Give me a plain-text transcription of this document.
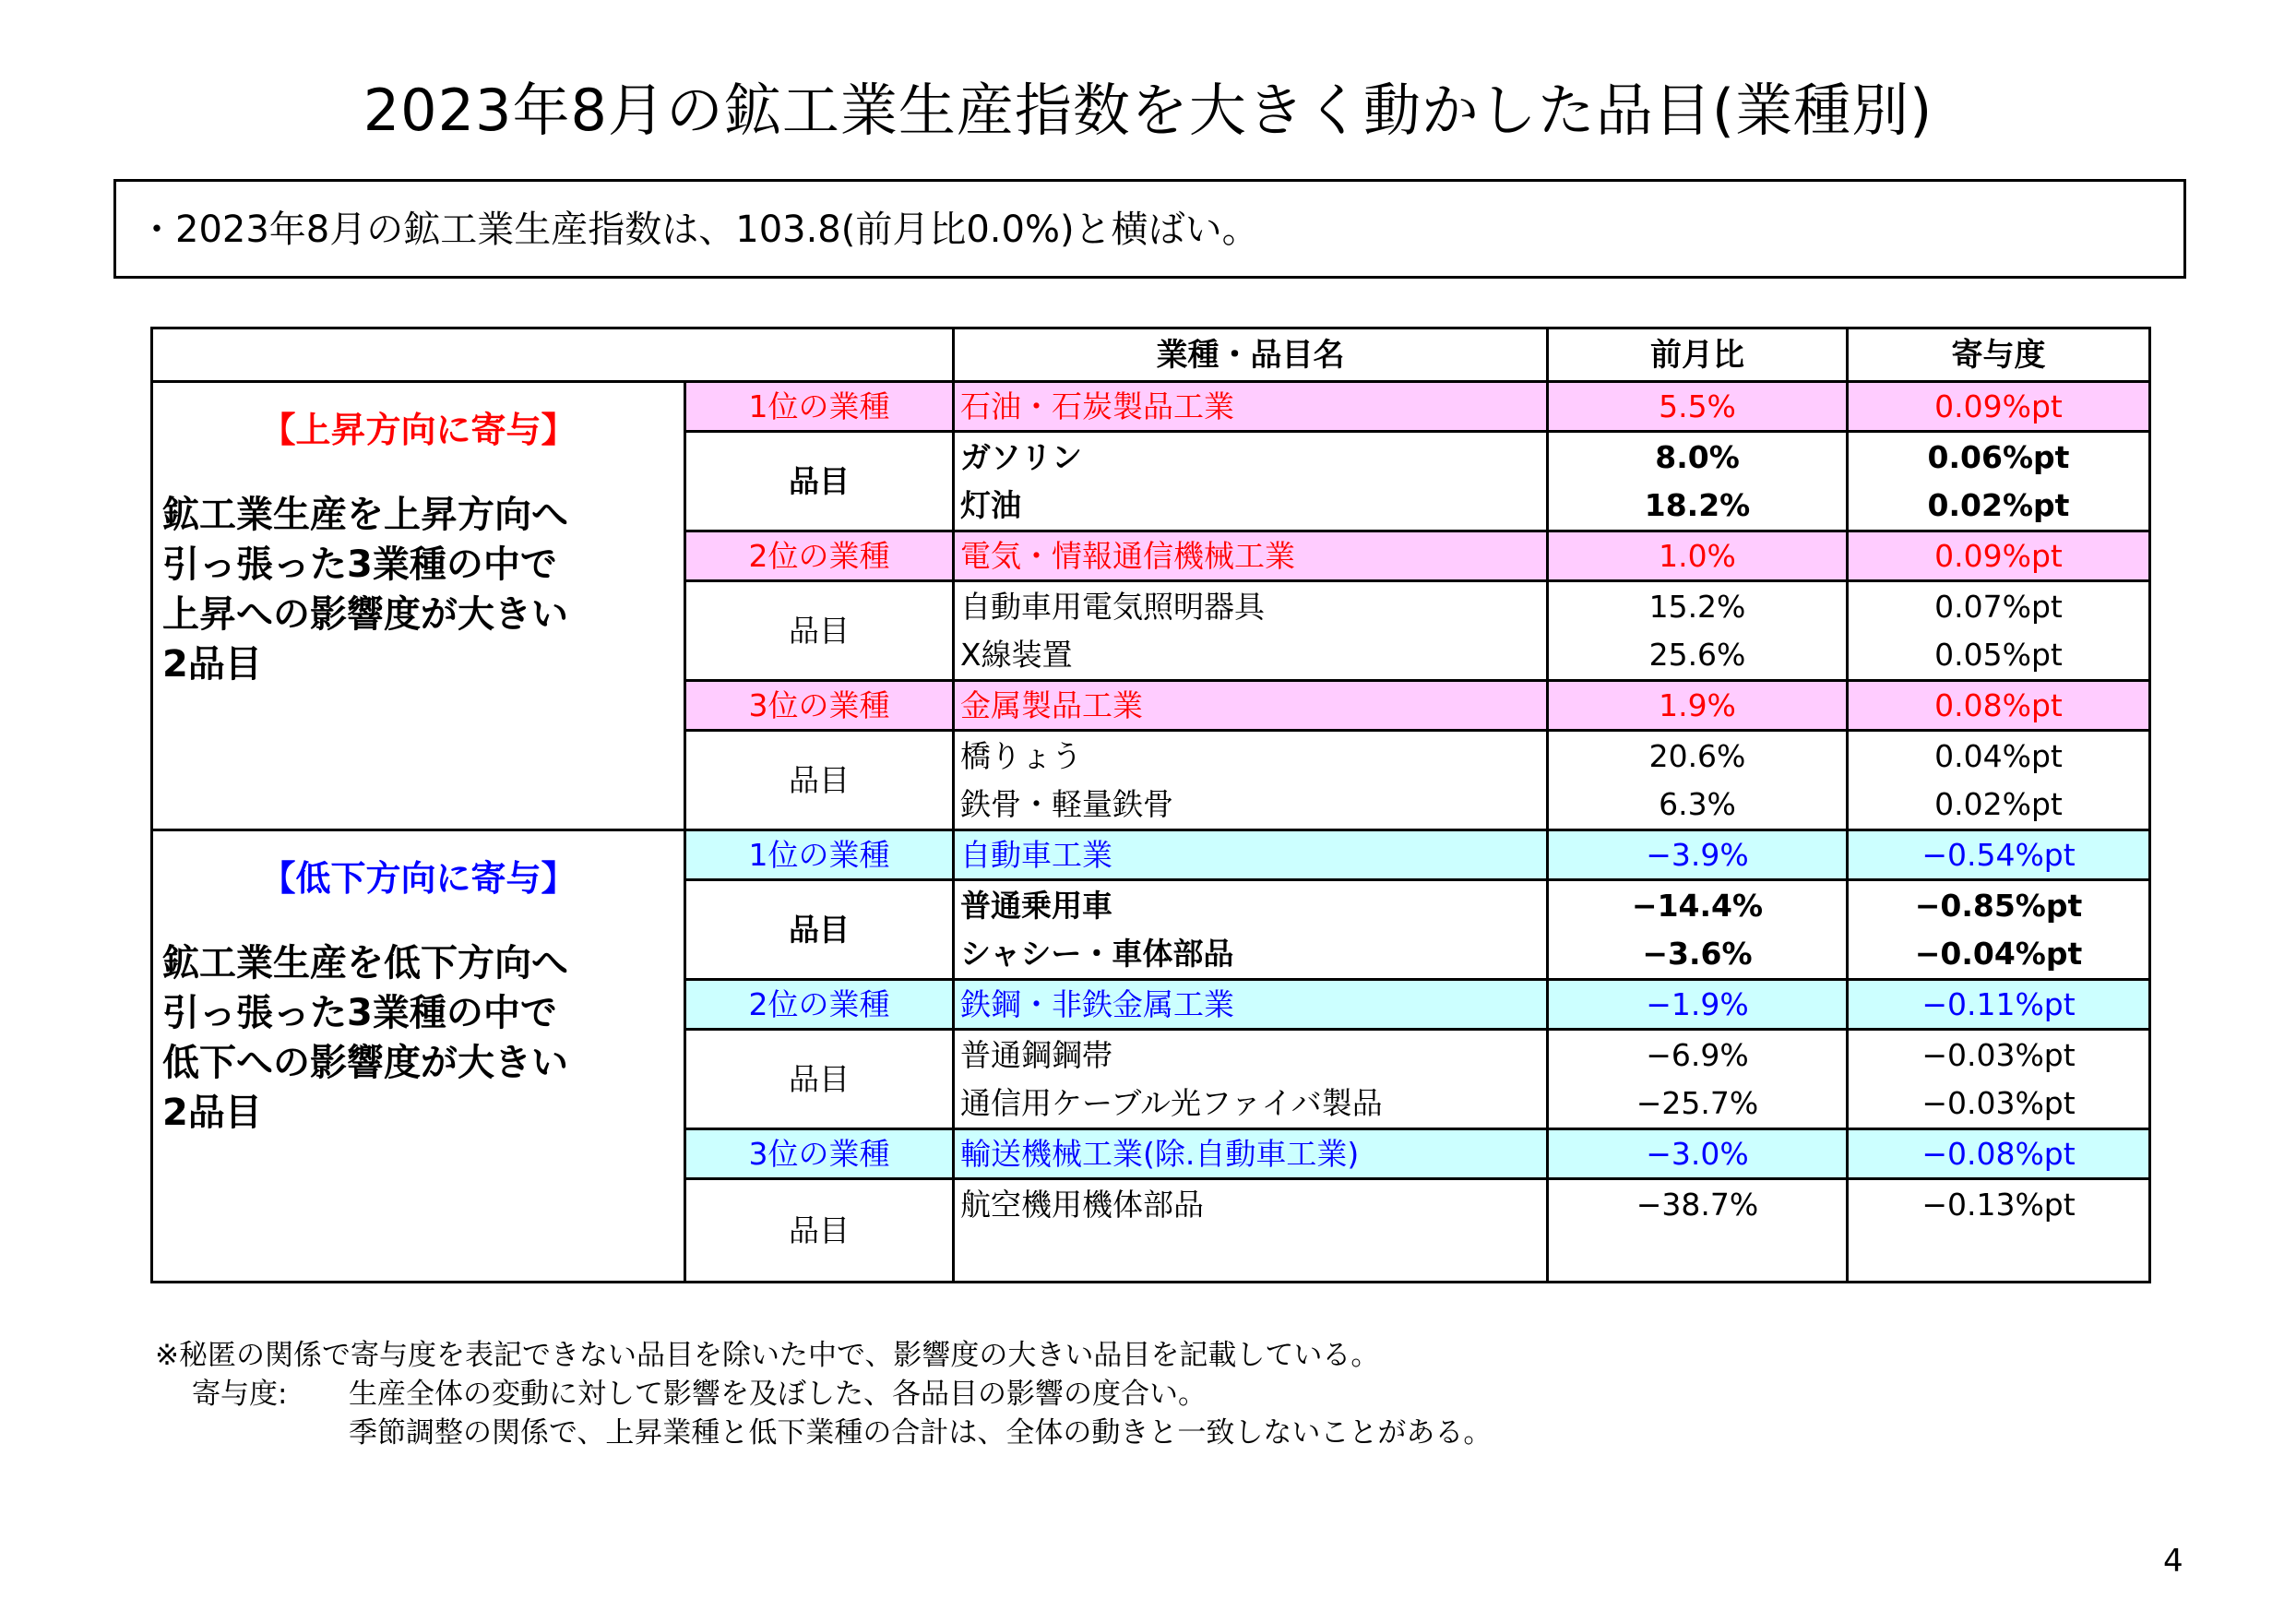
2023年8月の鉱工業生産指数を大きく動かした品目(業種別)
・2023年8月の鉱工業生産指数は、103.8(前月比0.0%)と横ばい。
		業種・品目名	前月比	寄与度

【上昇方向に寄与】
鉱工業生産を上昇方向へ
引っ張った3業種の中で
上昇への影響度が大きい
2品目	1位の業種	石油・石炭製品工業	5.5%	0.09%pt
	品目	ガソリン	8.0%	0.06%pt
		灯油	18.2%	0.02%pt
	2位の業種	電気・情報通信機械工業	1.0%	0.09%pt
	品目	自動車用電気照明器具	15.2%	0.07%pt
		X線装置	25.6%	0.05%pt
	3位の業種	金属製品工業	1.9%	0.08%pt
	品目	橋りょう	20.6%	0.04%pt
		鉄骨・軽量鉄骨	6.3%	0.02%pt

【低下方向に寄与】
鉱工業生産を低下方向へ
引っ張った3業種の中で
低下への影響度が大きい
2品目	1位の業種	自動車工業	−3.9%	−0.54%pt
	品目	普通乗用車	−14.4%	−0.85%pt
		シャシー・車体部品	−3.6%	−0.04%pt
	2位の業種	鉄鋼・非鉄金属工業	−1.9%	−0.11%pt
	品目	普通鋼鋼帯	−6.9%	−0.03%pt
		通信用ケーブル光ファイバ製品	−25.7%	−0.03%pt
	3位の業種	輸送機械工業(除.自動車工業)	−3.0%	−0.08%pt
	品目	航空機用機体部品	−38.7%	−0.13%pt
※秘匿の関係で寄与度を表記できない品目を除いた中で、影響度の大きい品目を記載している。
寄与度: 生産全体の変動に対して影響を及ぼした、各品目の影響の度合い。
季節調整の関係で、上昇業種と低下業種の合計は、全体の動きと一致しないことがある。
4
